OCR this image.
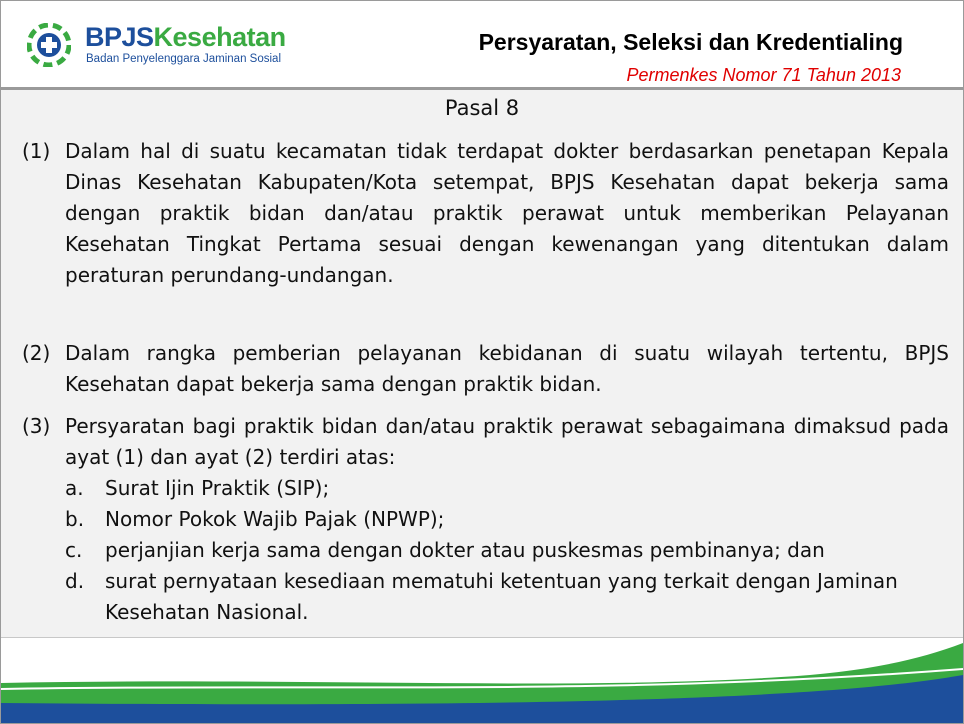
BPJSKesehatan
Badan Penyelenggara Jaminan Sosial
Persyaratan, Seleksi dan Kredentialing
Permenkes Nomor 71 Tahun 2013
Pasal 8
(1) Dalam hal di suatu kecamatan tidak terdapat dokter berdasarkan penetapan Kepala Dinas Kesehatan Kabupaten/Kota setempat, BPJS Kesehatan dapat bekerja sama dengan praktik bidan dan/atau praktik perawat untuk memberikan Pelayanan Kesehatan Tingkat Pertama sesuai dengan kewenangan yang ditentukan dalam peraturan perundang-undangan.
(2) Dalam rangka pemberian pelayanan kebidanan di suatu wilayah tertentu, BPJS Kesehatan dapat bekerja sama dengan praktik bidan.
(3) Persyaratan bagi praktik bidan dan/atau praktik perawat sebagaimana dimaksud pada ayat (1) dan ayat (2) terdiri atas:
a. Surat Ijin Praktik (SIP);
b. Nomor Pokok Wajib Pajak (NPWP);
c. perjanjian kerja sama dengan dokter atau puskesmas pembinanya; dan
d. surat pernyataan kesediaan mematuhi ketentuan yang terkait dengan Jaminan Kesehatan Nasional.
